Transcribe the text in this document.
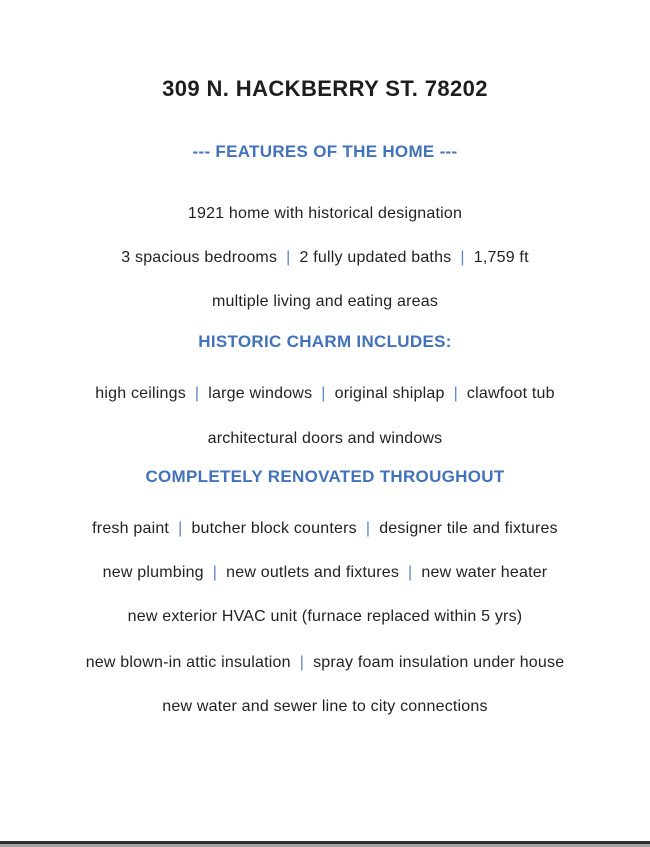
309 N. HACKBERRY ST. 78202
--- FEATURES OF THE HOME ---
1921 home with historical designation
3 spacious bedrooms | 2 fully updated baths | 1,759 ft
multiple living and eating areas
HISTORIC CHARM INCLUDES:
high ceilings | large windows | original shiplap | clawfoot tub
architectural doors and windows
COMPLETELY RENOVATED THROUGHOUT
fresh paint | butcher block counters | designer tile and fixtures
new plumbing | new outlets and fixtures | new water heater
new exterior HVAC unit (furnace replaced within 5 yrs)
new blown-in attic insulation | spray foam insulation under house
new water and sewer line to city connections
